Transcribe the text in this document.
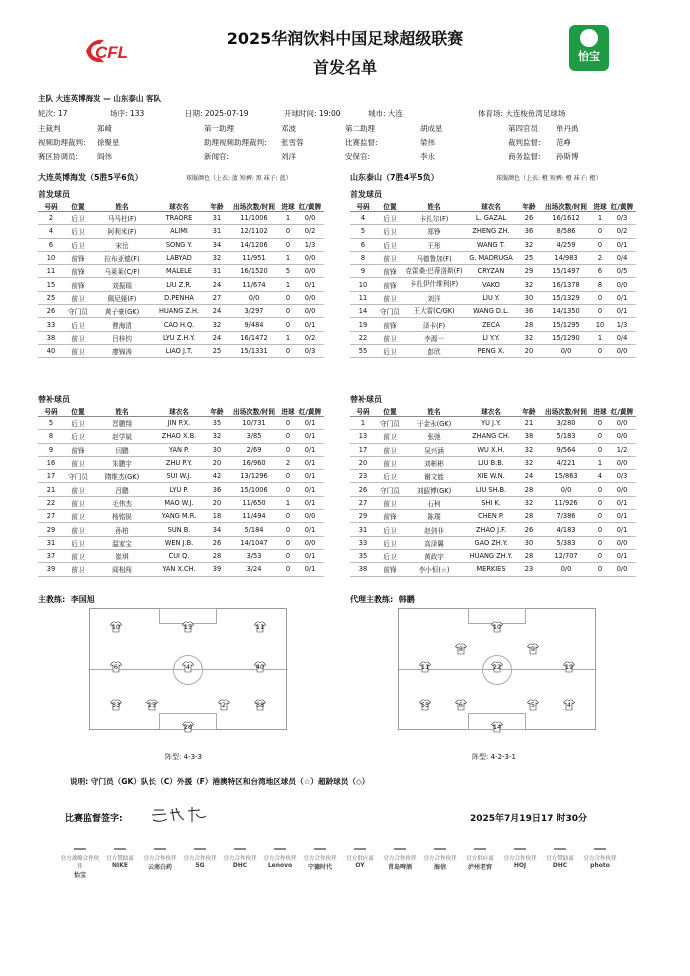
CFL	怡宝
2025华润饮料中国足球超级联赛
首发名单
主队 大连英博海发 — 山东泰山 客队
轮次: 17	场序: 133	日期: 2025-07-19	开球时间: 19:00	城市: 大连	体育场: 大连梭鱼湾足球场
主裁判	郑崎	第一助理	邓波	第二助理	胡成星	第四官员 单丹禹
视频助理裁判: 徐聚星	助理视频助理裁判: 张雪蓉	比赛监督:	梁伟	裁判监督: 范峥
赛区协调员:	阎伟	新闻官:	刘洋	安保官:	李永	商务监督: 孙斯博
大连英博海发（5胜5平6负）	球服颜色（上衣: 蓝 短裤: 黑 袜子: 蓝）	山东泰山（7胜4平5负）	球服颜色（上衣: 橙 短裤: 橙 袜子: 橙）
首发球员	首发球员
替补球员	替补球员
号码	位置	姓名	球衣名	年龄	出场次数/时间	进球	红/黄牌
2	后卫	马马杜(F)	TRAORE	31	11/1006	1	0/0
4	后卫	阿利米(F)	ALIMI	31	12/1102	0	0/2
6	后卫	宋岳	SONG Y.	34	14/1206	0	1/3
10	前锋	拉布亚德(F)	LABYAD	32	11/951	1	0/0
11	前锋	马莱莱(C/F)	MALELE	31	16/1520	5	0/0
15	前锋	刘振瑞	LIU Z.R.	24	11/674	1	0/1
25	前卫	佩尼娅(F)	D.PENHA	27	0/0	0	0/0
26	守门员	黄子豪(GK)	HUANG Z.H.	24	3/297	0	0/0
33	后卫	曹海清	CAO H.Q.	32	9/484	0	0/1
38	前卫	吕梓钧	LYU Z.H.Y.	24	16/1472	1	0/2
40	前卫	廖锦涛	LIAO J.T.	25	15/1331	0	0/3
号码	位置	姓名	球衣名	年龄	出场次数/时间	进球	红/黄牌
4	后卫	卡扎尔(F)	L. GAZAL	26	16/1612	1	0/3
5	后卫	郑铮	ZHENG ZH.	36	8/586	0	0/2
6	后卫	王彤	WANG T.	32	4/259	0	0/1
8	前卫	马德鲁加(F)	G. MADRUGA	25	14/983	2	0/4
9	前锋	克雷桑·巴蒂洛斯(F)	CRYZAN	29	15/1497	6	0/5
10	前锋	卡扎伊什维利(F)	VAKO	32	16/1378	8	0/0
11	前卫	刘洋	LIU Y.	30	15/1329	0	0/1
14	守门员	王大雷(C/GK)	WANG D.L.	36	14/1350	0	0/1
19	前锋	泽卡(F)	ZECA	28	15/1295	10	1/3
22	前卫	李源一	LI Y.Y.	32	15/1290	1	0/4
55	后卫	彭欣	PENG X.	20	0/0	0	0/0
号码	位置	姓名	球衣名	年龄	出场次数/时间	进球	红/黄牌
5	后卫	晋鹏翔	JIN P.X.	35	10/731	0	0/1
8	后卫	赵学斌	ZHAO X.B.	32	3/85	0	0/1
9	前锋	闫鹏	YAN P.	30	2/69	0	0/1
16	前卫	朱鹏宇	ZHU P.Y.	20	16/960	2	0/1
17	守门员	隋维杰(GK)	SUI W.J.	42	13/1296	0	0/1
21	前卫	吕鹏	LYU P.	36	15/1006	0	0/1
22	前卫	毛伟杰	MAO W.J.	20	11/650	1	0/1
27	前卫	杨铭锐	YANG M.R.	18	11/494	0	0/0
29	前卫	孙柏	SUN B.	34	5/184	0	0/1
31	后卫	温家宝	WEN J.B.	26	14/1047	0	0/0
37	前卫	崔琪	CUI Q.	28	3/53	0	0/1
39	前卫	阎相闯	YAN X.CH.	39	3/24	0	0/1
号码	位置	姓名	球衣名	年龄	出场次数/时间	进球	红/黄牌
1	守门员	于金永(GK)	YU J.Y.	21	3/280	0	0/0
13	前卫	张弛	ZHANG CH.	38	5/183	0	0/0
17	前卫	吴兴涵	WU X.H.	32	9/564	0	1/2
20	前卫	刘彬彬	LIU B.B.	32	4/221	1	0/0
23	后卫	谢文能	XIE W.N.	24	15/863	4	0/3
26	守门员	刘韶博(GK)	LIU SH.B.	28	0/0	0	0/0
27	前卫	石柯	SHI K.	32	11/926	0	0/1
29	前锋	陈璞	CHEN P.	28	7/386	0	0/1
31	后卫	赵剑非	ZHAO J.F.	26	4/183	0	0/1
33	后卫	高泽翼	GAO ZH.Y.	30	5/383	0	0/0
35	后卫	黄政宇	HUANG ZH.Y.	28	12/707	0	0/1
38	前锋	李小恒(☆)	MERKIES	23	0/0	0	0/0
主教练: 李国旭	代理主教练: 韩鹏
10	11
15
4
6	40
33	25	2	38
26
10
8	9
22
11	19
55	6	5	4
14
阵型: 4-3-3	阵型: 4-2-3-1
说明: 守门员（GK）队长（C）外援（F）港澳特区和台湾地区球员（☆）超龄球员（◇）
比赛监督签字:	2025年7月19日17 时30分
官方战略合作伙伴
怡宝
官方赞助商
NIKE
官方合作伙伴
云南白药
官方合作伙伴
5G
官方合作伙伴
DHC
官方合作伙伴
Lenovo
官方合作伙伴
宁德时代
官方供应商
OY
官方合作伙伴
青岛啤酒
官方合作伙伴
海信
官方供应商
泸州老窖
官方合作伙伴
HOJ
官方赞助商
DHC
官方合作伙伴
photo
